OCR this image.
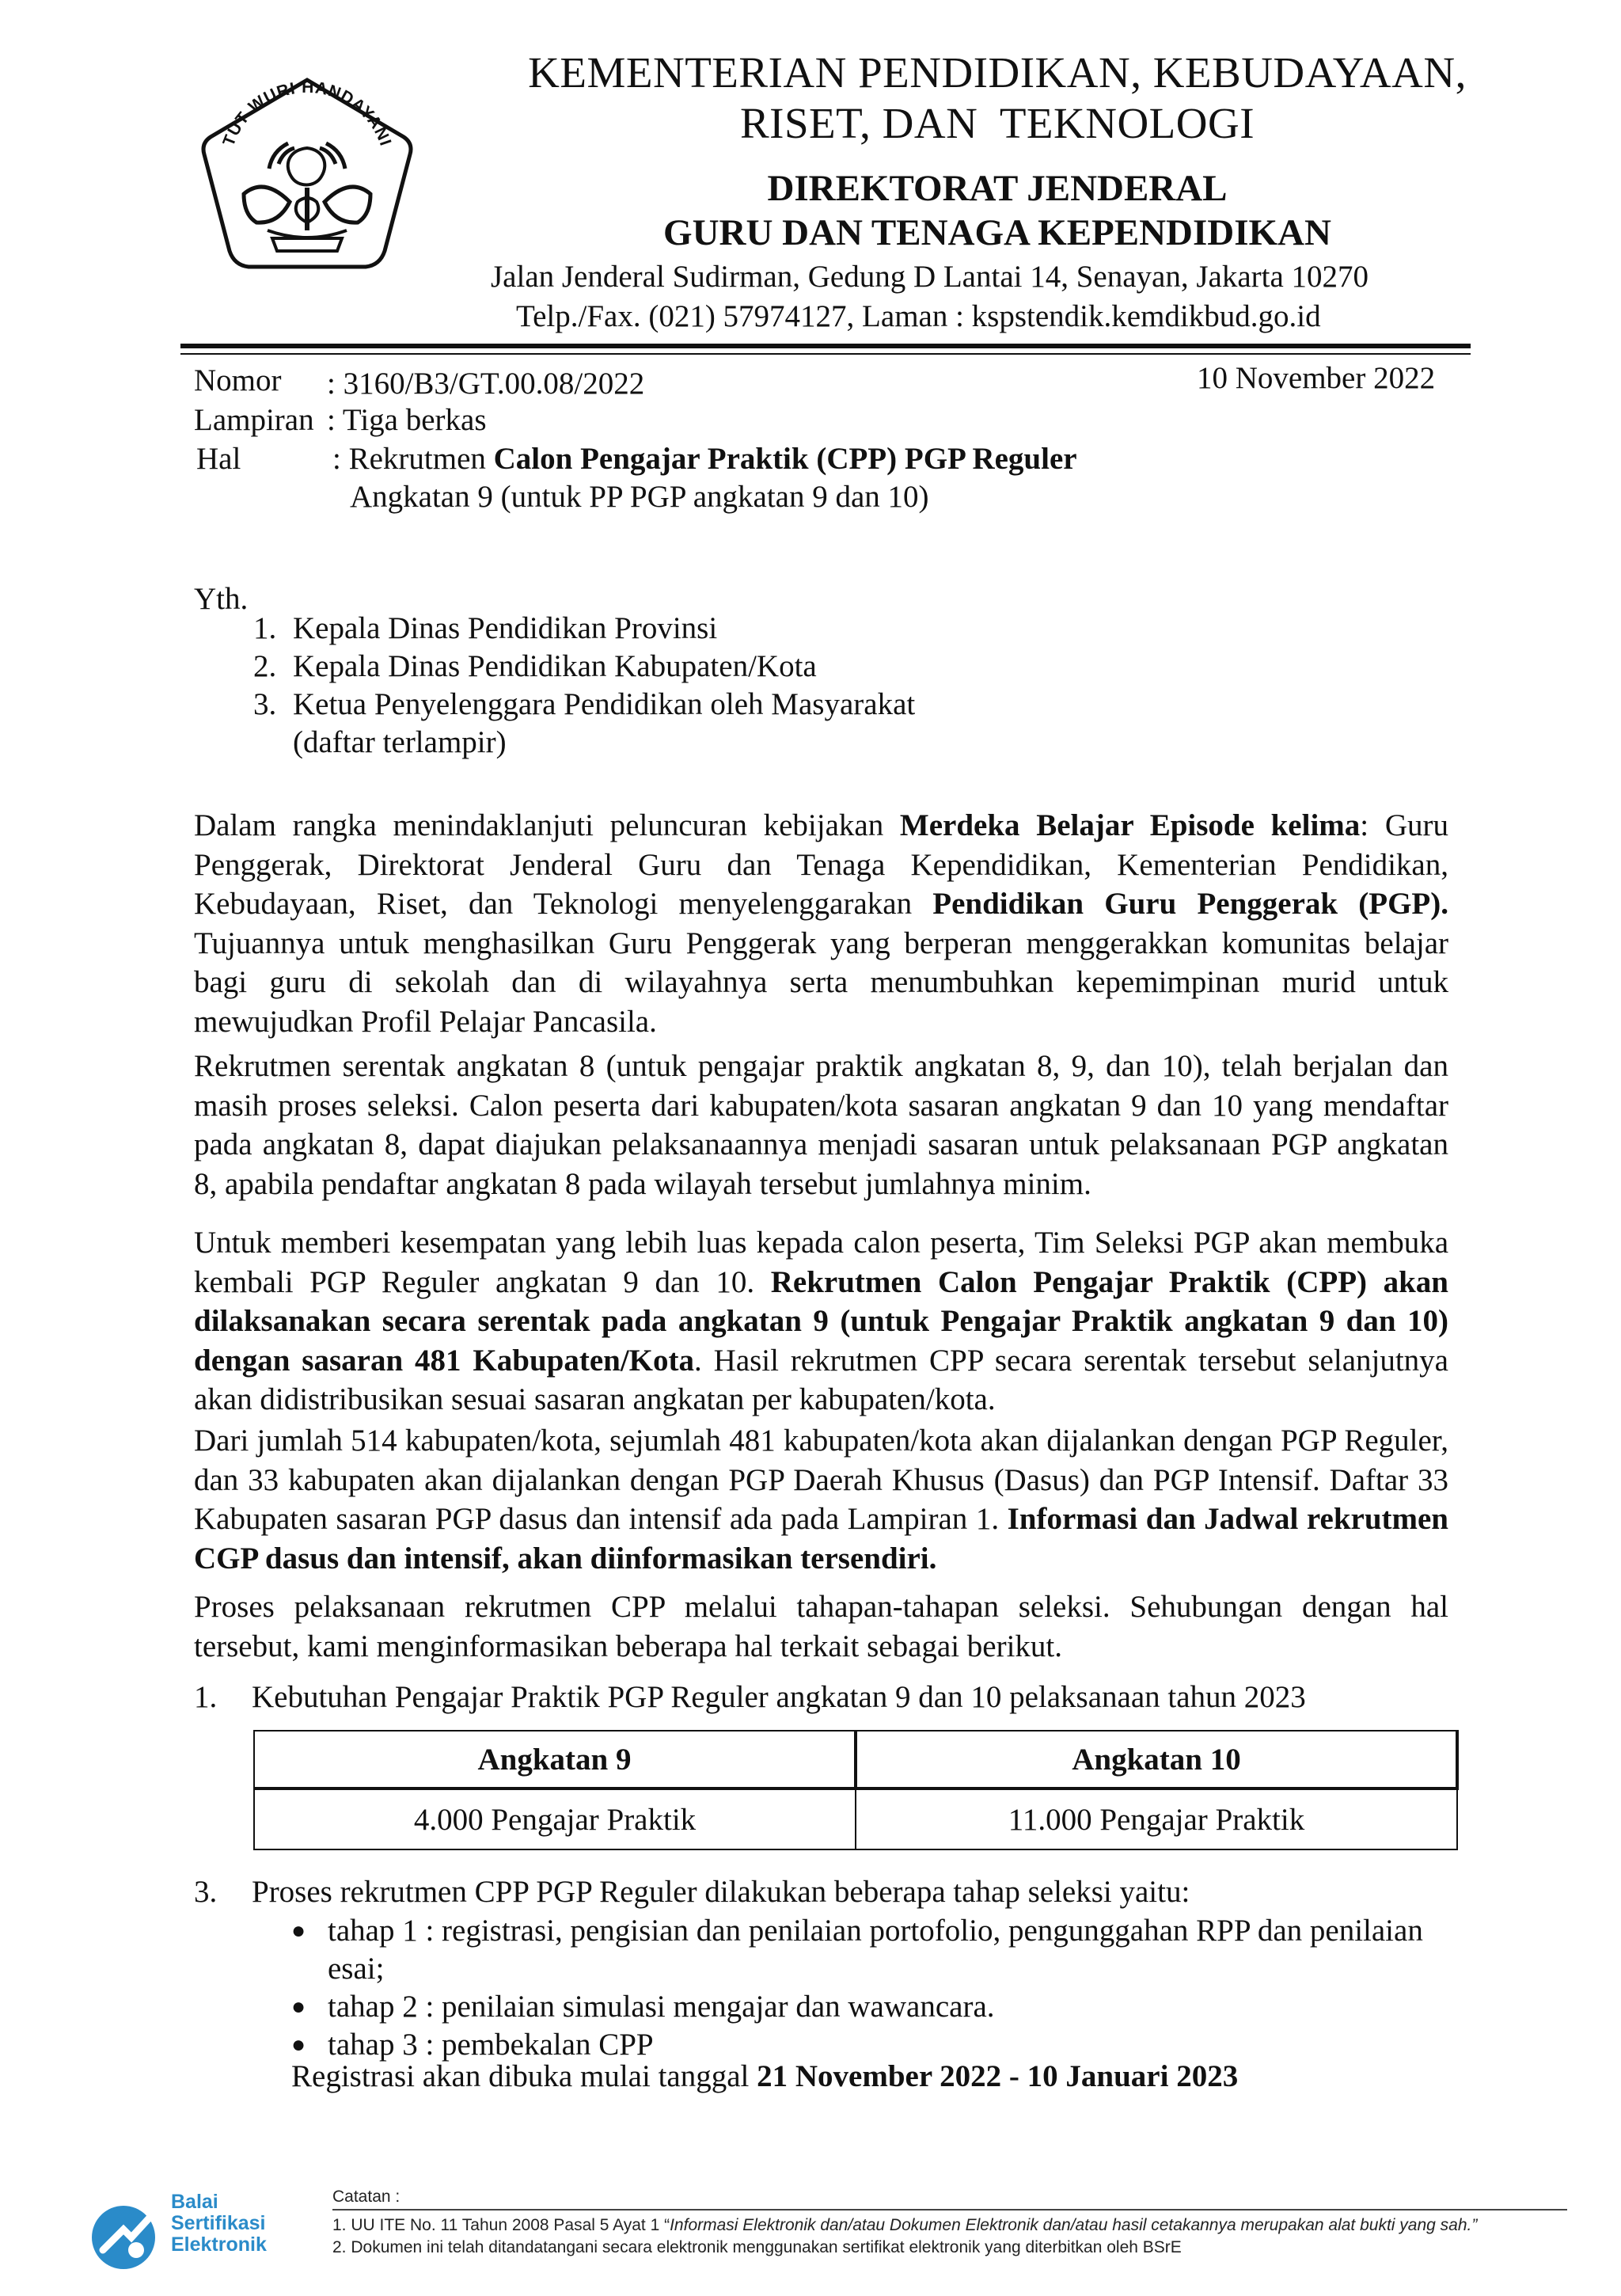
TUT WURI HANDAYANI
KEMENTERIAN PENDIDIKAN, KEBUDAYAAN,
RISET, DAN  TEKNOLOGI
DIREKTORAT JENDERAL
GURU DAN TENAGA KEPENDIDIKAN
Jalan Jenderal Sudirman, Gedung D Lantai 14, Senayan, Jakarta 10270
Telp./Fax. (021) 57974127, Laman : kspstendik.kemdikbud.go.id
Nomor : 3160/B3/GT.00.08/2022	10 November 2022
Lampiran : Tiga berkas
Hal	: Rekrutmen Calon Pengajar Praktik (CPP) PGP Reguler
Angkatan 9 (untuk PP PGP angkatan 9 dan 10)
Yth.
1. Kepala Dinas Pendidikan Provinsi
2. Kepala Dinas Pendidikan Kabupaten/Kota
3. Ketua Penyelenggara Pendidikan oleh Masyarakat
(daftar terlampir)

Dalam rangka menindaklanjuti peluncuran kebijakan Merdeka Belajar Episode kelima: Guru Penggerak, Direktorat Jenderal Guru dan Tenaga Kependidikan, Kementerian Pendidikan, Kebudayaan, Riset, dan Teknologi menyelenggarakan Pendidikan Guru Penggerak (PGP). Tujuannya untuk menghasilkan Guru Penggerak yang berperan menggerakkan komunitas belajar bagi guru di sekolah dan di wilayahnya serta menumbuhkan kepemimpinan murid untuk mewujudkan Profil Pelajar Pancasila.

Rekrutmen serentak angkatan 8 (untuk pengajar praktik angkatan 8, 9, dan 10), telah berjalan dan masih proses seleksi. Calon peserta dari kabupaten/kota sasaran angkatan 9 dan 10 yang mendaftar pada angkatan 8, dapat diajukan pelaksanaannya menjadi sasaran untuk pelaksanaan PGP angkatan 8, apabila pendaftar angkatan 8 pada wilayah tersebut jumlahnya minim.

Untuk memberi kesempatan yang lebih luas kepada calon peserta, Tim Seleksi PGP akan membuka kembali PGP Reguler angkatan 9 dan 10. Rekrutmen Calon Pengajar Praktik (CPP) akan dilaksanakan secara serentak pada angkatan 9 (untuk Pengajar Praktik angkatan 9 dan 10) dengan sasaran 481 Kabupaten/Kota. Hasil rekrutmen CPP secara serentak tersebut selanjutnya akan didistribusikan sesuai sasaran angkatan per kabupaten/kota.

Dari jumlah 514 kabupaten/kota, sejumlah 481 kabupaten/kota akan dijalankan dengan PGP Reguler, dan 33 kabupaten akan dijalankan dengan PGP Daerah Khusus (Dasus) dan PGP Intensif. Daftar 33 Kabupaten sasaran PGP dasus dan intensif ada pada Lampiran 1. Informasi dan Jadwal rekrutmen CGP dasus dan intensif, akan diinformasikan tersendiri.

Proses pelaksanaan rekrutmen CPP melalui tahapan-tahapan seleksi. Sehubungan dengan hal tersebut, kami menginformasikan beberapa hal terkait sebagai berikut.

1. Kebutuhan Pengajar Praktik PGP Reguler angkatan 9 dan 10 pelaksanaan tahun 2023
Angkatan 9	Angkatan 10
4.000 Pengajar Praktik	11.000 Pengajar Praktik
3. Proses rekrutmen CPP PGP Reguler dilakukan beberapa tahap seleksi yaitu:
● tahap 1 : registrasi, pengisian dan penilaian portofolio, pengunggahan RPP dan penilaian esai;
● tahap 2 : penilaian simulasi mengajar dan wawancara.
● tahap 3 : pembekalan CPP
Registrasi akan dibuka mulai tanggal 21 November 2022 - 10 Januari 2023
Balai
Sertifikasi
Elektronik
Catatan :
1. UU ITE No. 11 Tahun 2008 Pasal 5 Ayat 1 “Informasi Elektronik dan/atau Dokumen Elektronik dan/atau hasil cetakannya merupakan alat bukti yang sah.”
2. Dokumen ini telah ditandatangani secara elektronik menggunakan sertifikat elektronik yang diterbitkan oleh BSrE
